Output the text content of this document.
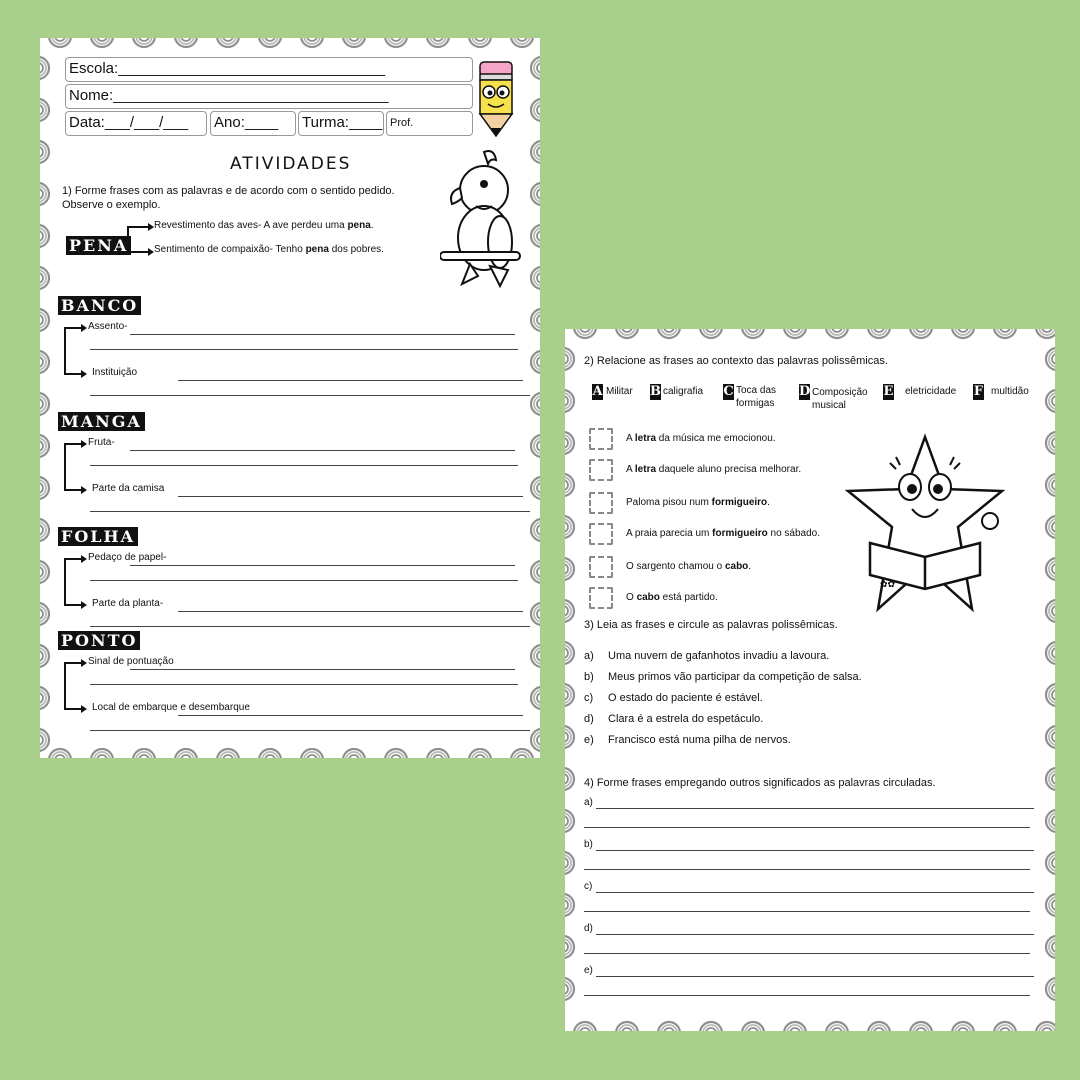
Escola:________________________________
Nome:_________________________________
Data:___/___/___	Ano:____	Turma:____ Prof.
ATIVIDADES
1) Forme frases com as palavras e de acordo com o sentido pedido.
Observe o exemplo.
PENA
Revestimento das aves- A ave perdeu uma pena.
Sentimento de compaixão- Tenho pena dos pobres.
BANCO
Assento-
Instituição
MANGA
Fruta-
Parte da camisa
FOLHA
Pedaço de papel-
Parte da planta-
PONTO
Sinal de pontuação
Local de embarque e desembarque
2) Relacione as frases ao contexto das palavras polissêmicas.
A Militar B caligrafia C Toca das
formigas
D Composição
musical
E eletricidade F multidão
A letra da música me emocionou.
A letra daquele aluno precisa melhorar.
Paloma pisou num formigueiro.
A praia parecia um formigueiro no sábado.
O sargento chamou o cabo.
O cabo está partido.
✿✿
3) Leia as frases e circule as palavras polissêmicas.
a) Uma nuvem de gafanhotos invadiu a lavoura.
b) Meus primos vão participar da competição de salsa.
c) O estado do paciente é estável.
d) Clara é a estrela do espetáculo.
e) Francisco está numa pilha de nervos.
4) Forme frases empregando outros significados as palavras circuladas.
a)
b)
c)
d)
e)
